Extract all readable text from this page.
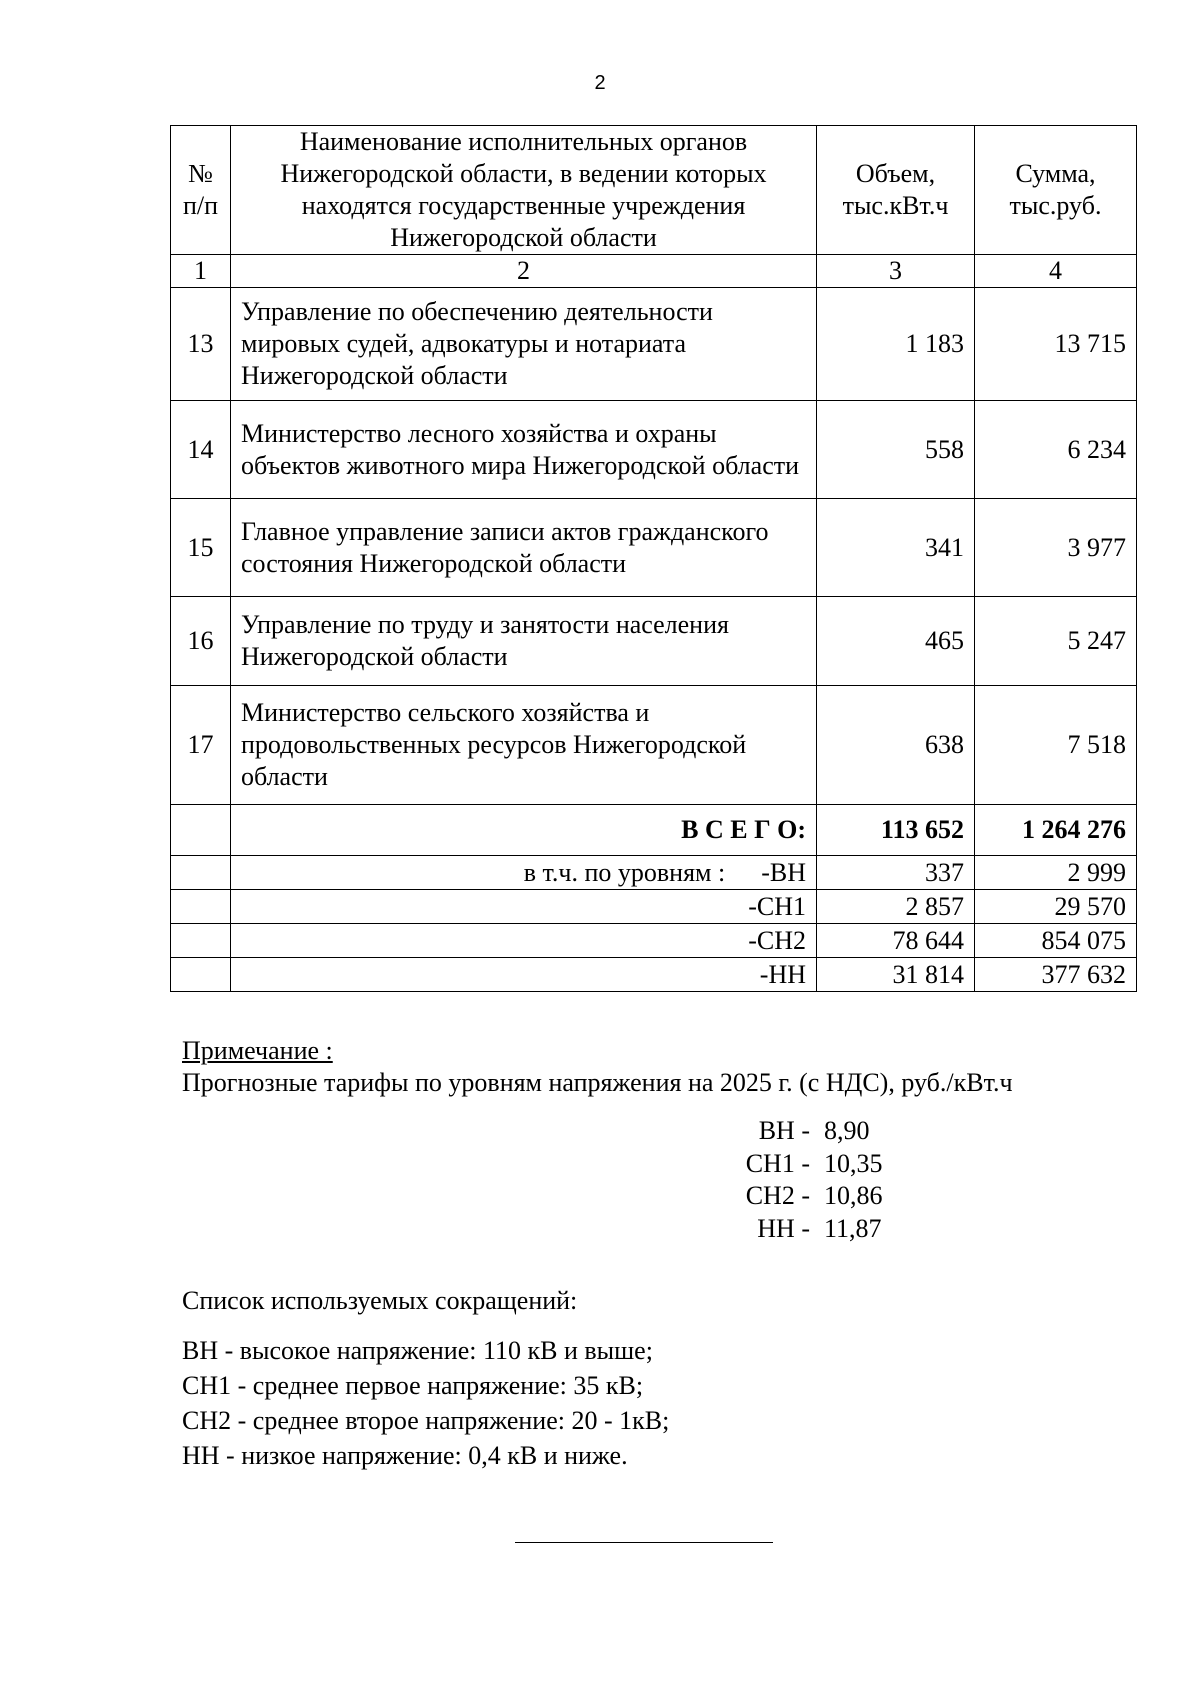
2
№ п/п	Наименование исполнительных органов Нижегородской области, в ведении которых находятся государственные учреждения Нижегородской области	Объем, тыс.кВт.ч	Сумма, тыс.руб.
1	2	3	4
13	Управление по обеспечению деятельности мировых судей, адвокатуры и нотариата Нижегородской области	1 183	13 715
14	Министерство лесного хозяйства и охраны объектов животного мира Нижегородской области	558	6 234
15	Главное управление записи актов гражданского состояния Нижегородской области	341	3 977
16	Управление по труду и занятости населения Нижегородской области	465	5 247
17	Министерство сельского хозяйства и продовольственных ресурсов Нижегородской области	638	7 518
	В С Е Г О:	113 652	1 264 276
	в т.ч. по уровням : -ВН	337	2 999
	-СН1	2 857	29 570
	-СН2	78 644	854 075
	-НН	31 814	377 632
Примечание :
Прогнозные тарифы по уровням напряжения на 2025 г. (с НДС), руб./кВт.ч
ВН - 8,90
СН1 - 10,35
СН2 - 10,86
НН - 11,87
Список используемых сокращений:
ВН - высокое напряжение: 110 кВ и выше;
СН1 - среднее первое напряжение: 35 кВ;
СН2 - среднее второе напряжение: 20 - 1кВ;
НН - низкое напряжение: 0,4 кВ и ниже.
